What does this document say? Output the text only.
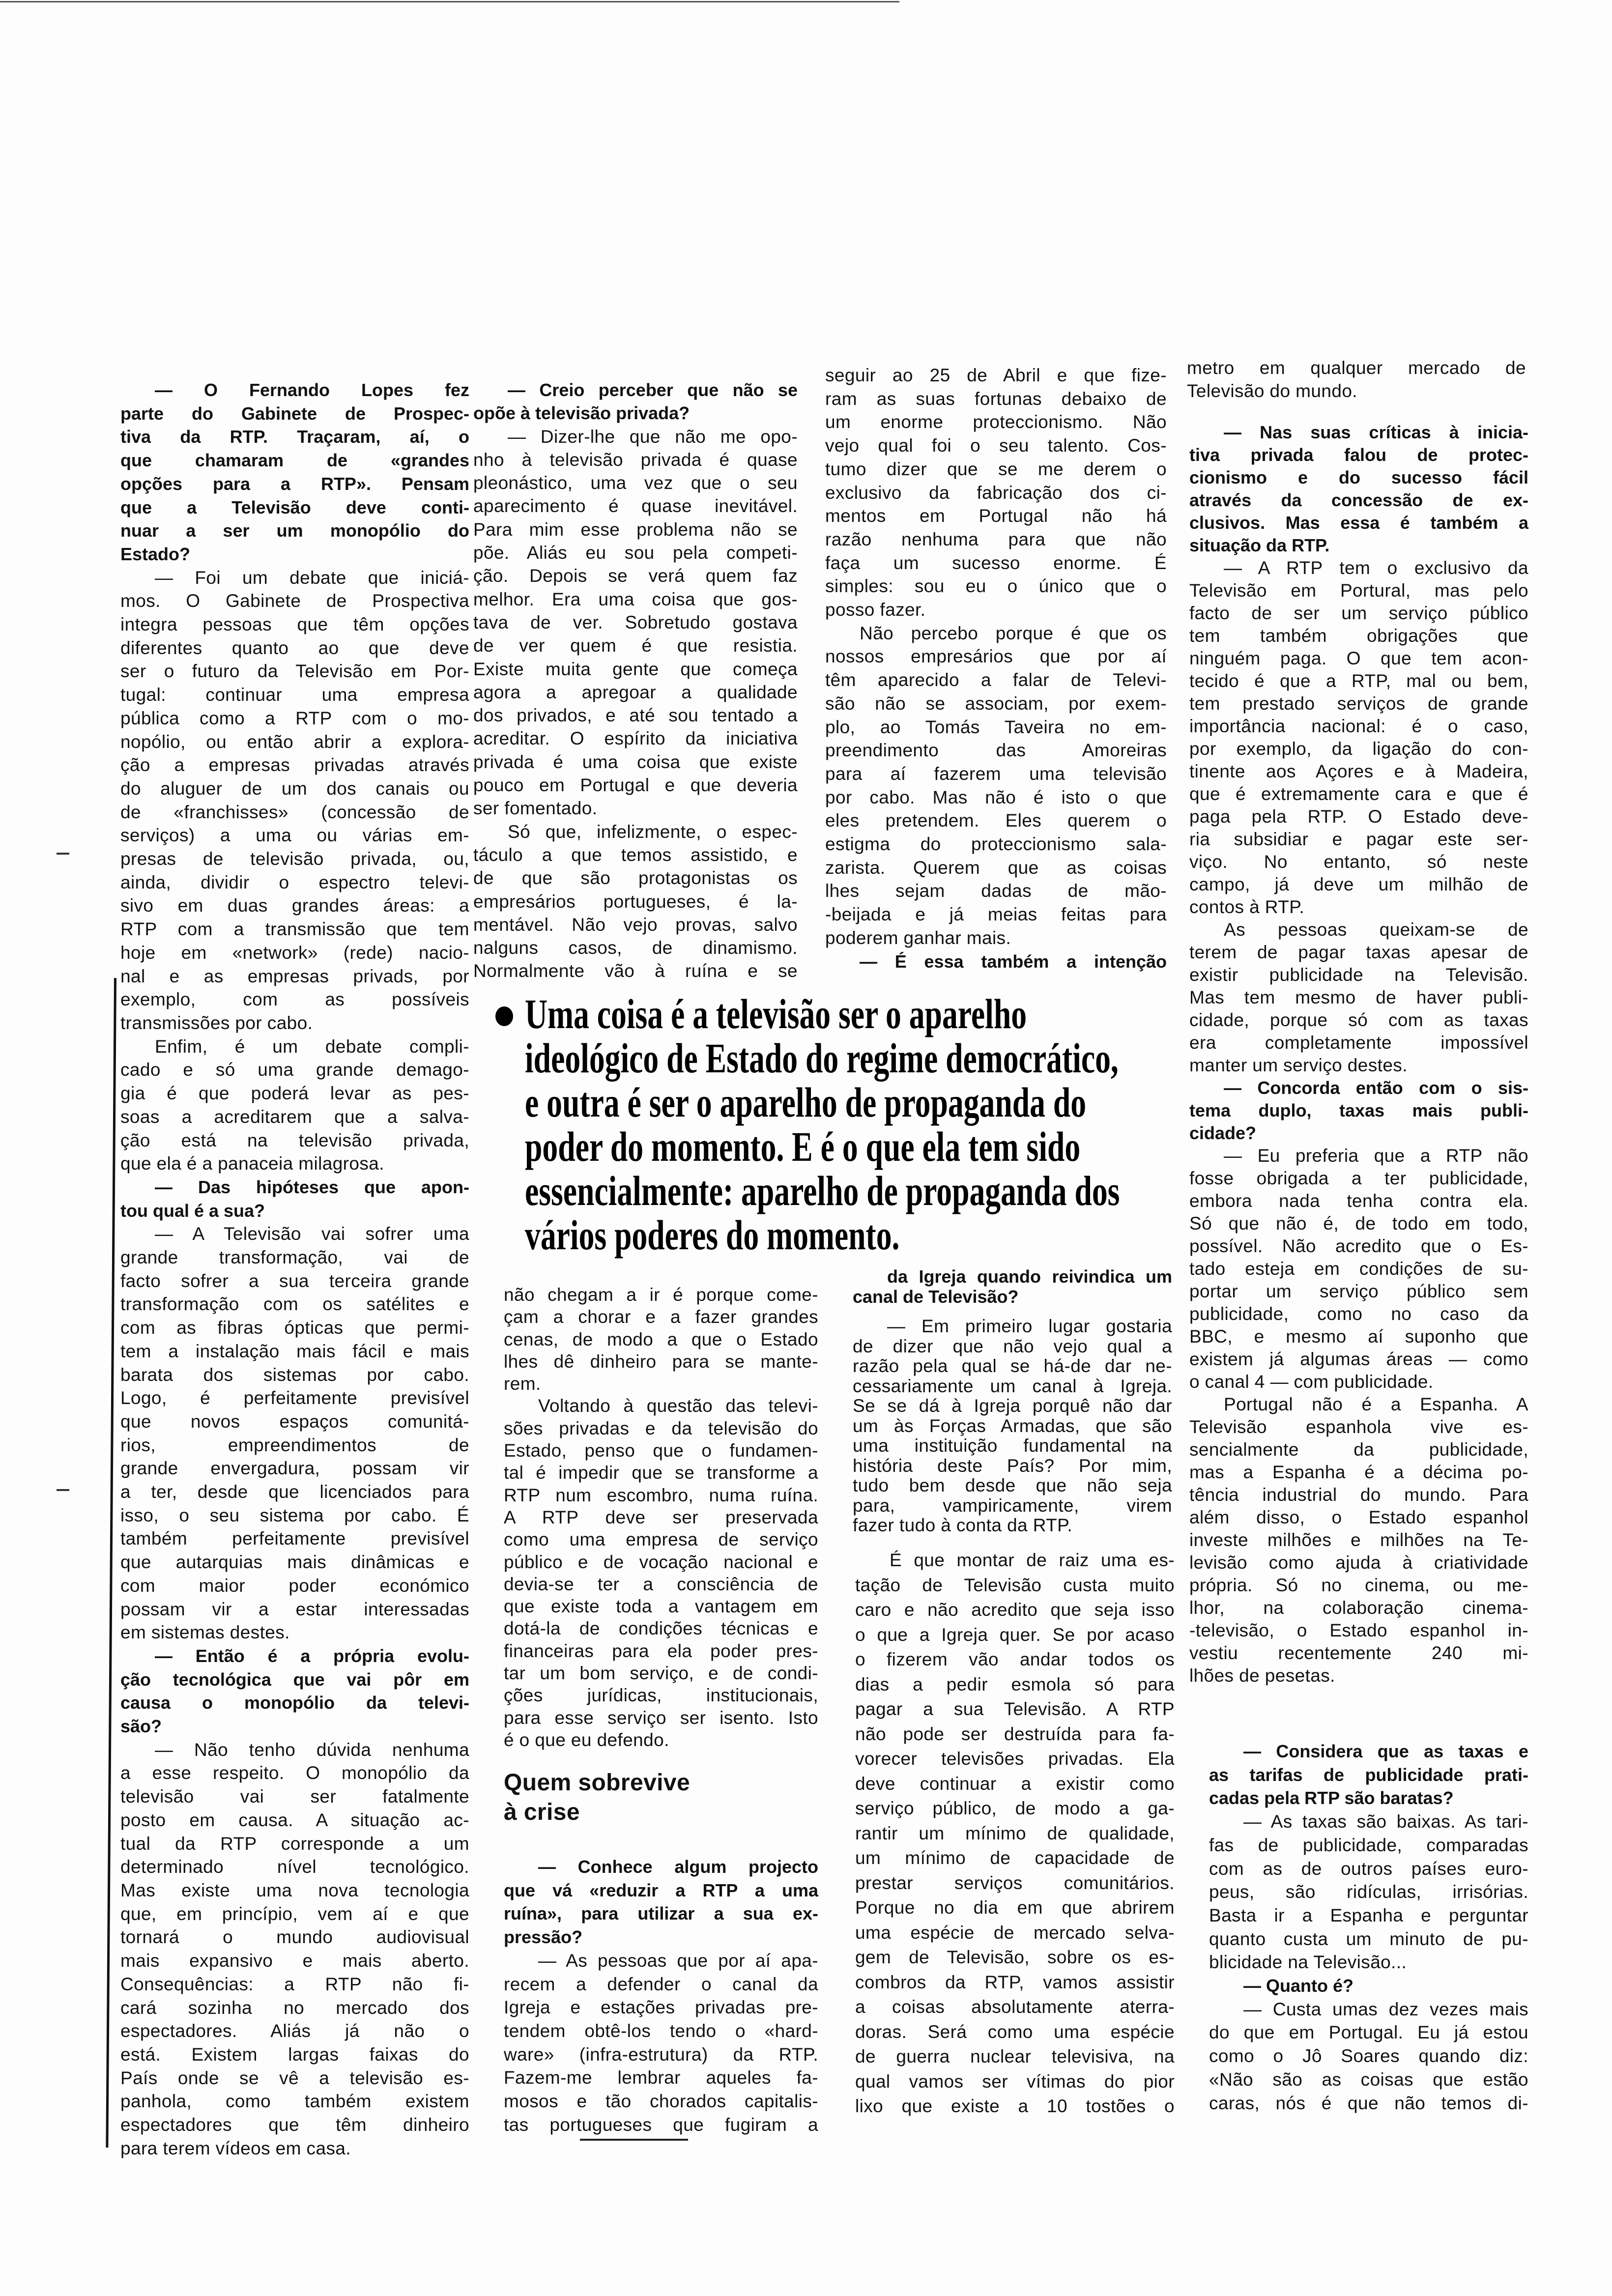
— O Fernando Lopes fez
parte do Gabinete de Prospec-
tiva da RTP. Traçaram, aí, o
que chamaram de «grandes
opções para a RTP». Pensam
que a Televisão deve conti-
nuar a ser um monopólio do
Estado?
— Foi um debate que iniciá-
mos. O Gabinete de Prospectiva
integra pessoas que têm opções
diferentes quanto ao que deve
ser o futuro da Televisão em Por-
tugal: continuar uma empresa
pública como a RTP com o mo-
nopólio, ou então abrir a explora-
ção a empresas privadas através
do aluguer de um dos canais ou
de «franchisses» (concessão de
serviços) a uma ou várias em-
presas de televisão privada, ou,
ainda, dividir o espectro televi-
sivo em duas grandes áreas: a
RTP com a transmissão que tem
hoje em «network» (rede) nacio-
nal e as empresas privads, por
exemplo, com as possíveis
transmissões por cabo.
Enfim, é um debate compli-
cado e só uma grande demago-
gia é que poderá levar as pes-
soas a acreditarem que a salva-
ção está na televisão privada,
que ela é a panaceia milagrosa.
— Das hipóteses que apon-
tou qual é a sua?
— A Televisão vai sofrer uma
grande transformação, vai de
facto sofrer a sua terceira grande
transformação com os satélites e
com as fibras ópticas que permi-
tem a instalação mais fácil e mais
barata dos sistemas por cabo.
Logo, é perfeitamente previsível
que novos espaços comunitá-
rios, empreendimentos de
grande envergadura, possam vir
a ter, desde que licenciados para
isso, o seu sistema por cabo. É
também perfeitamente previsível
que autarquias mais dinâmicas e
com maior poder económico
possam vir a estar interessadas
em sistemas destes.
— Então é a própria evolu-
ção tecnológica que vai pôr em
causa o monopólio da televi-
são?
— Não tenho dúvida nenhuma
a esse respeito. O monopólio da
televisão vai ser fatalmente
posto em causa. A situação ac-
tual da RTP corresponde a um
determinado nível tecnológico.
Mas existe uma nova tecnologia
que, em princípio, vem aí e que
tornará o mundo audiovisual
mais expansivo e mais aberto.
Consequências: a RTP não fi-
cará sozinha no mercado dos
espectadores. Aliás já não o
está. Existem largas faixas do
País onde se vê a televisão es-
panhola, como também existem
espectadores que têm dinheiro
para terem vídeos em casa.
— Creio perceber que não se
opõe à televisão privada?
— Dizer-lhe que não me opo-
nho à televisão privada é quase
pleonástico, uma vez que o seu
aparecimento é quase inevitável.
Para mim esse problema não se
põe. Aliás eu sou pela competi-
ção. Depois se verá quem faz
melhor. Era uma coisa que gos-
tava de ver. Sobretudo gostava
de ver quem é que resistia.
Existe muita gente que começa
agora a apregoar a qualidade
dos privados, e até sou tentado a
acreditar. O espírito da iniciativa
privada é uma coisa que existe
pouco em Portugal e que deveria
ser fomentado.
Só que, infelizmente, o espec-
táculo a que temos assistido, e
de que são protagonistas os
empresários portugueses, é la-
mentável. Não vejo provas, salvo
nalguns casos, de dinamismo.
Normalmente vão à ruína e se
seguir ao 25 de Abril e que fize-
ram as suas fortunas debaixo de
um enorme proteccionismo. Não
vejo qual foi o seu talento. Cos-
tumo dizer que se me derem o
exclusivo da fabricação dos ci-
mentos em Portugal não há
razão nenhuma para que não
faça um sucesso enorme. É
simples: sou eu o único que o
posso fazer.
Não percebo porque é que os
nossos empresários que por aí
têm aparecido a falar de Televi-
são não se associam, por exem-
plo, ao Tomás Taveira no em-
preendimento das Amoreiras
para aí fazerem uma televisão
por cabo. Mas não é isto o que
eles pretendem. Eles querem o
estigma do proteccionismo sala-
zarista. Querem que as coisas
lhes sejam dadas de mão-
-beijada e já meias feitas para
poderem ganhar mais.
— É essa também a intenção
metro em qualquer mercado de
Televisão do mundo.
— Nas suas críticas à inicia-
tiva privada falou de protec-
cionismo e do sucesso fácil
através da concessão de ex-
clusivos. Mas essa é também a
situação da RTP.
— A RTP tem o exclusivo da
Televisão em Portural, mas pelo
facto de ser um serviço público
tem também obrigações que
ninguém paga. O que tem acon-
tecido é que a RTP, mal ou bem,
tem prestado serviços de grande
importância nacional: é o caso,
por exemplo, da ligação do con-
tinente aos Açores e à Madeira,
que é extremamente cara e que é
paga pela RTP. O Estado deve-
ria subsidiar e pagar este ser-
viço. No entanto, só neste
campo, já deve um milhão de
contos à RTP.
As pessoas queixam-se de
terem de pagar taxas apesar de
existir publicidade na Televisão.
Mas tem mesmo de haver publi-
cidade, porque só com as taxas
era completamente impossível
manter um serviço destes.
— Concorda então com o sis-
tema duplo, taxas mais publi-
cidade?
— Eu preferia que a RTP não
fosse obrigada a ter publicidade,
embora nada tenha contra ela.
Só que não é, de todo em todo,
possível. Não acredito que o Es-
tado esteja em condições de su-
portar um serviço público sem
publicidade, como no caso da
BBC, e mesmo aí suponho que
existem já algumas áreas — como
o canal 4 — com publicidade.
Portugal não é a Espanha. A
Televisão espanhola vive es-
sencialmente da publicidade,
mas a Espanha é a décima po-
tência industrial do mundo. Para
além disso, o Estado espanhol
investe milhões e milhões na Te-
levisão como ajuda à criatividade
própria. Só no cinema, ou me-
lhor, na colaboração cinema-
-televisão, o Estado espanhol in-
vestiu recentemente 240 mi-
lhões de pesetas.
— Considera que as taxas e
as tarifas de publicidade prati-
cadas pela RTP são baratas?
— As taxas são baixas. As tari-
fas de publicidade, comparadas
com as de outros países euro-
peus, são ridículas, irrisórias.
Basta ir a Espanha e perguntar
quanto custa um minuto de pu-
blicidade na Televisão...
— Quanto é?
— Custa umas dez vezes mais
do que em Portugal. Eu já estou
como o Jô Soares quando diz:
«Não são as coisas que estão
caras, nós é que não temos di-
não chegam a ir é porque come-
çam a chorar e a fazer grandes
cenas, de modo a que o Estado
lhes dê dinheiro para se mante-
rem.
Voltando à questão das televi-
sões privadas e da televisão do
Estado, penso que o fundamen-
tal é impedir que se transforme a
RTP num escombro, numa ruína.
A RTP deve ser preservada
como uma empresa de serviço
público e de vocação nacional e
devia-se ter a consciência de
que existe toda a vantagem em
dotá-la de condições técnicas e
financeiras para ela poder pres-
tar um bom serviço, e de condi-
ções jurídicas, institucionais,
para esse serviço ser isento. Isto
é o que eu defendo.
Quem sobrevive
à crise
— Conhece algum projecto
que vá «reduzir a RTP a uma
ruína», para utilizar a sua ex-
pressão?
— As pessoas que por aí apa-
recem a defender o canal da
Igreja e estações privadas pre-
tendem obtê-los tendo o «hard-
ware» (infra-estrutura) da RTP.
Fazem-me lembrar aqueles fa-
mosos e tão chorados capitalis-
tas portugueses que fugiram a
da Igreja quando reivindica um
canal de Televisão?
— Em primeiro lugar gostaria
de dizer que não vejo qual a
razão pela qual se há-de dar ne-
cessariamente um canal à Igreja.
Se se dá à Igreja porquê não dar
um às Forças Armadas, que são
uma instituição fundamental na
história deste País? Por mim,
tudo bem desde que não seja
para, vampiricamente, virem
fazer tudo à conta da RTP.
É que montar de raiz uma es-
tação de Televisão custa muito
caro e não acredito que seja isso
o que a Igreja quer. Se por acaso
o fizerem vão andar todos os
dias a pedir esmola só para
pagar a sua Televisão. A RTP
não pode ser destruída para fa-
vorecer televisões privadas. Ela
deve continuar a existir como
serviço público, de modo a ga-
rantir um mínimo de qualidade,
um mínimo de capacidade de
prestar serviços comunitários.
Porque no dia em que abrirem
uma espécie de mercado selva-
gem de Televisão, sobre os es-
combros da RTP, vamos assistir
a coisas absolutamente aterra-
doras. Será como uma espécie
de guerra nuclear televisiva, na
qual vamos ser vítimas do pior
lixo que existe a 10 tostões o
Uma coisa é a televisão ser o aparelho
ideológico de Estado do regime democrático,
e outra é ser o aparelho de propaganda do
poder do momento. E é o que ela tem sido
essencialmente: aparelho de propaganda dos
vários poderes do momento.
